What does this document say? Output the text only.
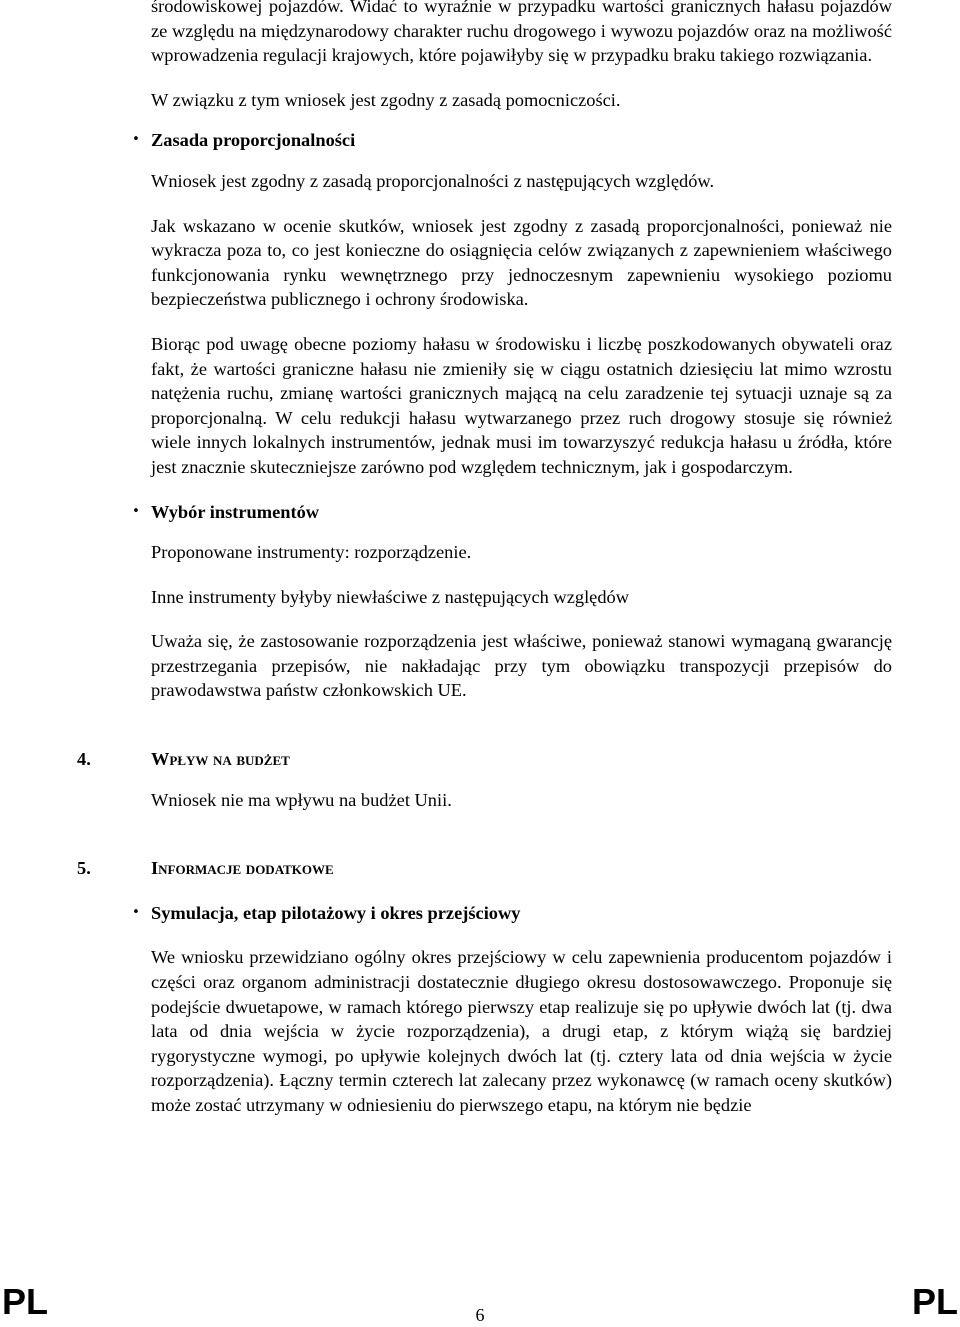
środowiskowej pojazdów. Widać to wyraźnie w przypadku wartości granicznych hałasu pojazdów ze względu na międzynarodowy charakter ruchu drogowego i wywozu pojazdów oraz na możliwość wprowadzenia regulacji krajowych, które pojawiłyby się w przypadku braku takiego rozwiązania.

W związku z tym wniosek jest zgodny z zasadą pomocniczości.

• Zasada proporcjonalności

Wniosek jest zgodny z zasadą proporcjonalności z następujących względów.

Jak wskazano w ocenie skutków, wniosek jest zgodny z zasadą proporcjonalności, ponieważ nie wykracza poza to, co jest konieczne do osiągnięcia celów związanych z zapewnieniem właściwego funkcjonowania rynku wewnętrznego przy jednoczesnym zapewnieniu wysokiego poziomu bezpieczeństwa publicznego i ochrony środowiska.

Biorąc pod uwagę obecne poziomy hałasu w środowisku i liczbę poszkodowanych obywateli oraz fakt, że wartości graniczne hałasu nie zmieniły się w ciągu ostatnich dziesięciu lat mimo wzrostu natężenia ruchu, zmianę wartości granicznych mającą na celu zaradzenie tej sytuacji uznaje są za proporcjonalną. W celu redukcji hałasu wytwarzanego przez ruch drogowy stosuje się również wiele innych lokalnych instrumentów, jednak musi im towarzyszyć redukcja hałasu u źródła, które jest znacznie skuteczniejsze zarówno pod względem technicznym, jak i gospodarczym.

• Wybór instrumentów

Proponowane instrumenty: rozporządzenie.

Inne instrumenty byłyby niewłaściwe z następujących względów

Uważa się, że zastosowanie rozporządzenia jest właściwe, ponieważ stanowi wymaganą gwarancję przestrzegania przepisów, nie nakładając przy tym obowiązku transpozycji przepisów do prawodawstwa państw członkowskich UE.

4.	Wpływ na budżet

Wniosek nie ma wpływu na budżet Unii.

5.	Informacje dodatkowe

• Symulacja, etap pilotażowy i okres przejściowy

We wniosku przewidziano ogólny okres przejściowy w celu zapewnienia producentom pojazdów i części oraz organom administracji dostatecznie długiego okresu dostosowawczego. Proponuje się podejście dwuetapowe, w ramach którego pierwszy etap realizuje się po upływie dwóch lat (tj. dwa lata od dnia wejścia w życie rozporządzenia), a drugi etap, z którym wiążą się bardziej rygorystyczne wymogi, po upływie kolejnych dwóch lat (tj. cztery lata od dnia wejścia w życie rozporządzenia). Łączny termin czterech lat zalecany przez wykonawcę (w ramach oceny skutków) może zostać utrzymany w odniesieniu do pierwszego etapu, na którym nie będzie

PL	6	PL
